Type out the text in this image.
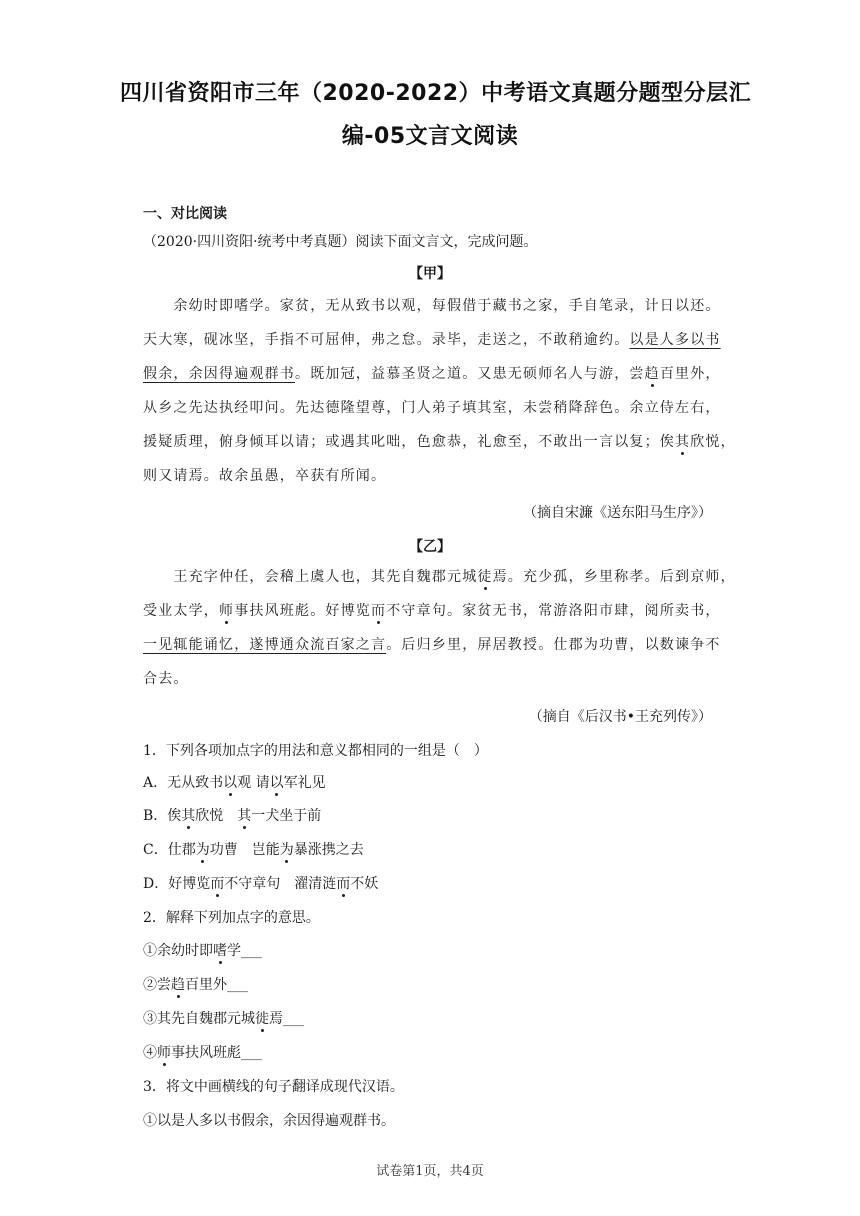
四川省资阳市三年（2020-2022）中考语文真题分题型分层汇
编-05文言文阅读
一、对比阅读
（2020·四川资阳·统考中考真题）阅读下面文言文，完成问题。
【甲】
　　余幼时即嗜学。家贫，无从致书以观，每假借于藏书之家，手自笔录，计日以还。
天大寒，砚冰坚，手指不可屈伸，弗之怠。录毕，走送之，不敢稍逾约。以是人多以书
假余，余因得遍观群书。既加冠，益慕圣贤之道。又患无硕师名人与游，尝趋百里外，
从乡之先达执经叩问。先达德隆望尊，门人弟子填其室，未尝稍降辞色。余立侍左右，
援疑质理，俯身倾耳以请；或遇其叱咄，色愈恭，礼愈至，不敢出一言以复；俟其欣悦，
则又请焉。故余虽愚，卒获有所闻。
（摘自宋濂《送东阳马生序》）
【乙】
　　王充字仲任，会稽上虞人也，其先自魏郡元城徒焉。充少孤，乡里称孝。后到京师，
受业太学，师事扶风班彪。好博览而不守章句。家贫无书，常游洛阳市肆，阅所卖书，
一见辄能诵忆，遂博通众流百家之言。后归乡里，屏居教授。仕郡为功曹，以数谏争不
合去。
（摘自《后汉书•王充列传》）
1．下列各项加点字的用法和意义都相同的一组是（　）
A．无从致书以观 请以军礼见
B．俟其欣悦　其一犬坐于前
C．仕郡为功曹　岂能为暴涨携之去
D．好博览而不守章句　濯清涟而不妖
2．解释下列加点字的意思。
①余幼时即嗜学___
②尝趋百里外___
③其先自魏郡元城徙焉___
④师事扶风班彪___
3．将文中画横线的句子翻译成现代汉语。
①以是人多以书假余，余因得遍观群书。
试卷第1页，共4页
